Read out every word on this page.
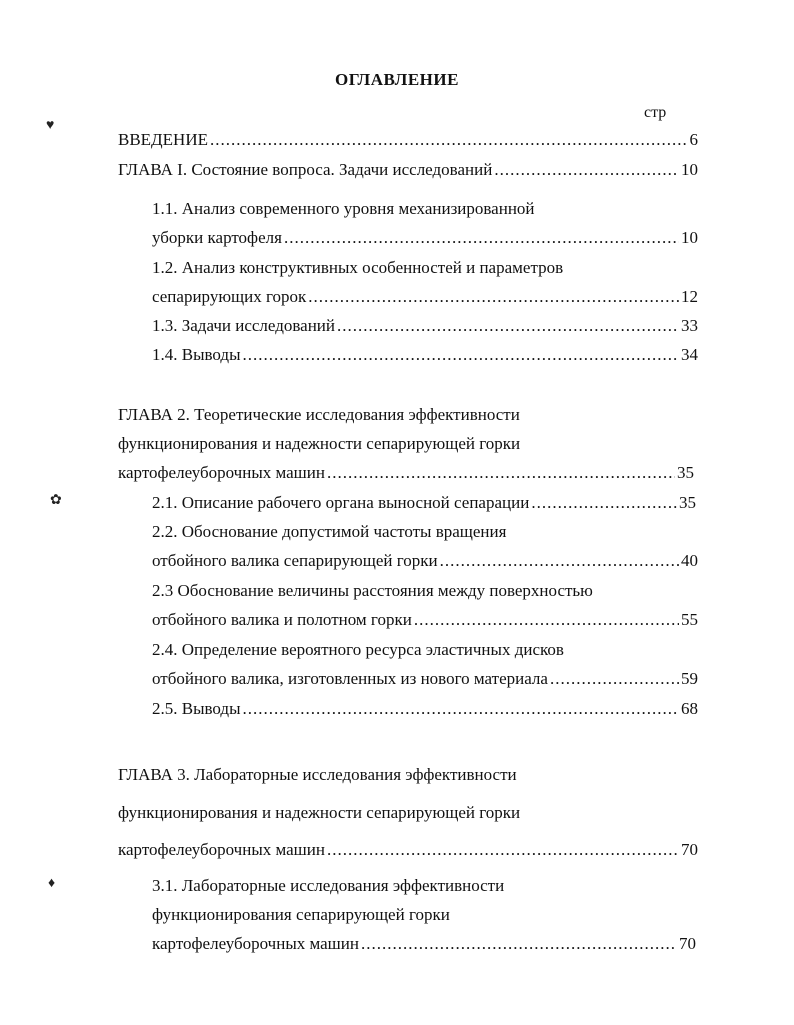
ОГЛАВЛЕНИЕ
стр
♥
✿
♦
ВВЕДЕНИЕ .....	6
ГЛАВА I. Состояние вопроса. Задачи исследований .....	10
1.1. Анализ современного уровня механизированной
уборки картофеля .....	10
1.2. Анализ конструктивных особенностей и параметров
сепарирующих горок .....	12
1.3. Задачи исследований .....	33
1.4. Выводы .....	34
ГЛАВА 2. Теоретические исследования эффективности
функционирования и надежности сепарирующей горки
картофелеуборочных машин .....	35
2.1. Описание рабочего органа выносной сепарации .....	35
2.2. Обоснование допустимой частоты вращения
отбойного валика сепарирующей горки .....	40
2.3 Обоснование величины расстояния между поверхностью
отбойного валика и полотном горки .....	55
2.4. Определение вероятного ресурса эластичных дисков
отбойного валика, изготовленных из нового материала .....	59
2.5. Выводы .....	68
ГЛАВА 3. Лабораторные исследования эффективности
функционирования и надежности сепарирующей горки
картофелеуборочных машин .....	70
3.1. Лабораторные исследования эффективности
функционирования сепарирующей горки
картофелеуборочных машин .....	70
